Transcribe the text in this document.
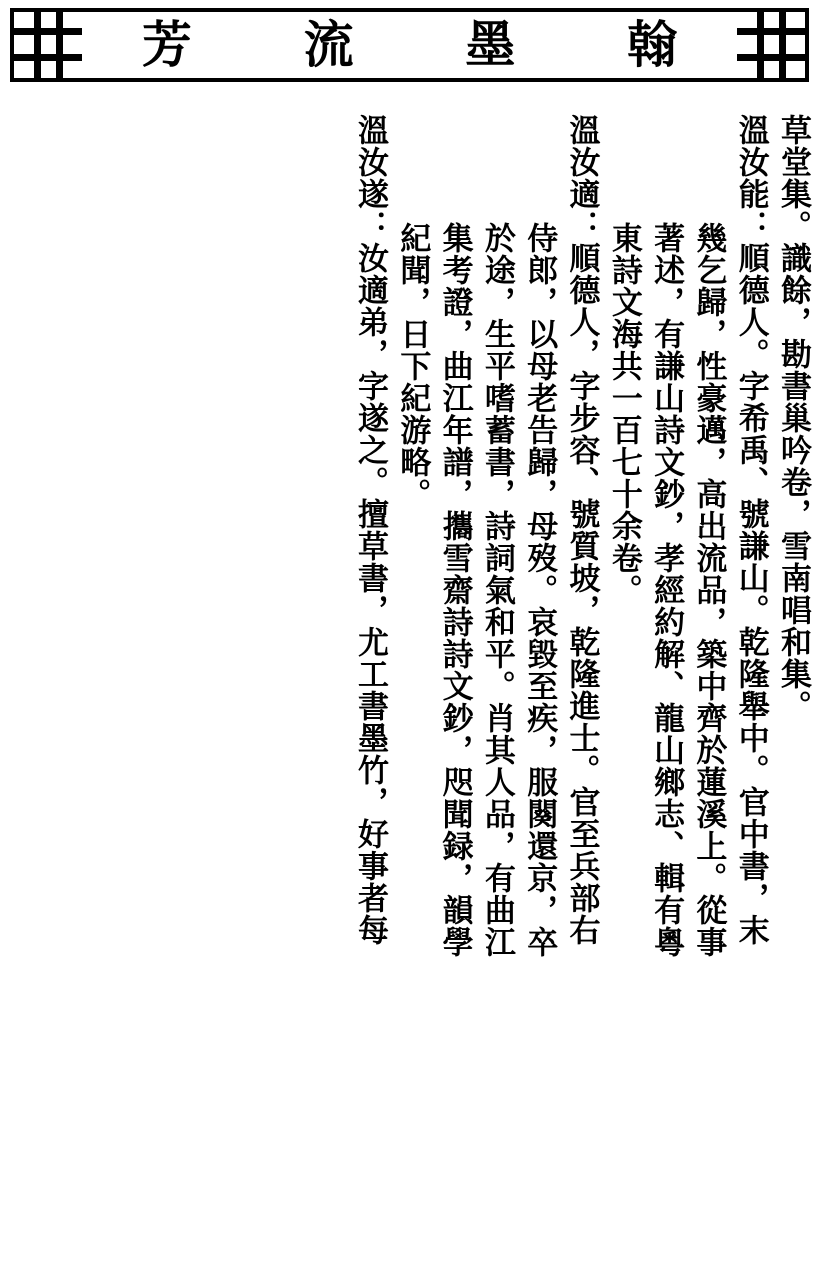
芳 流 墨 翰
草堂集。識餘，勘書巢吟卷，雪南唱和集。
溫汝能：順德人。字希禹、號謙山。乾隆舉中。官中書，末
幾乞歸，性豪邁，高出流品，築中齊於蓮溪上。從事
著述，有謙山詩文鈔，孝經約解、龍山鄉志、輯有粵
東詩文海共一百七十余卷。
溫汝適：順德人，字步容、號質坡，乾隆進士。官至兵部右
侍郎，以母老告歸，母歿。哀毀至疾，服闋還京，卒
於途，生平嗜蓄書，詩詞氣和平。肖其人品，有曲江
集考證，曲江年譜，攜雪齋詩詩文鈔，咫聞録，韻學
紀聞，日下紀游略。
溫汝遂：汝適弟，字遂之。擅草書，尤工書墨竹，好事者每
